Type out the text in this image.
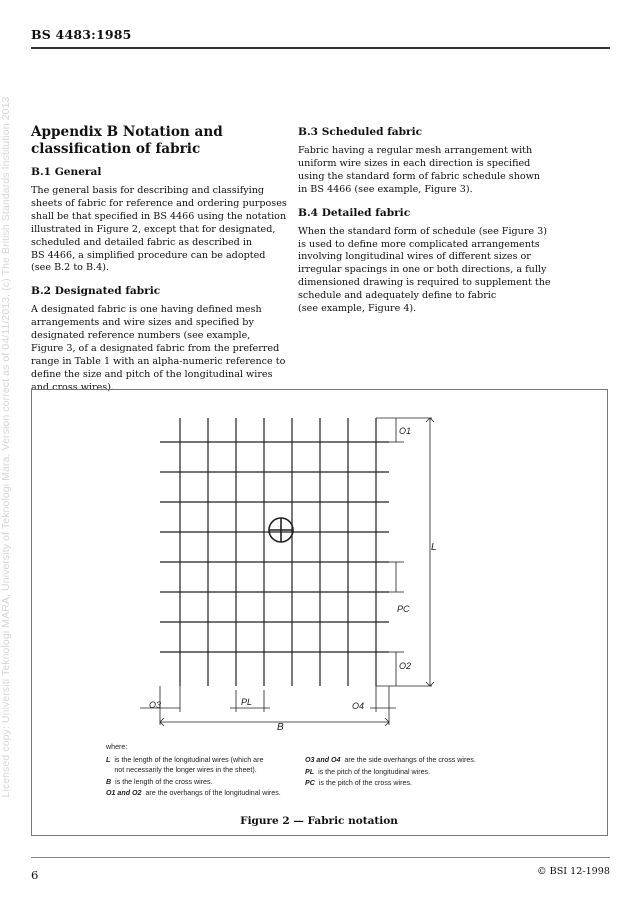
Licensed copy: Universiti Teknologi MARA, University of Teknologi Mara, Version correct as of 04/11/2013, (c) The British Standards Institution 2013
BS 4483:1985
Appendix B Notation and
classification of fabric
B.1 General
The general basis for describing and classifying
sheets of fabric for reference and ordering purposes
shall be that specified in BS 4466 using the notation
illustrated in Figure 2, except that for designated,
scheduled and detailed fabric as described in
BS 4466, a simplified procedure can be adopted
(see B.2 to B.4).
B.2 Designated fabric
A designated fabric is one having defined mesh
arrangements and wire sizes and specified by
designated reference numbers (see example,
Figure 3, of a designated fabric from the preferred
range in Table 1 with an alpha-numeric reference to
define the size and pitch of the longitudinal wires
and cross wires).
B.3 Scheduled fabric
Fabric having a regular mesh arrangement with
uniform wire sizes in each direction is specified
using the standard form of fabric schedule shown
in BS 4466 (see example, Figure 3).
B.4 Detailed fabric
When the standard form of schedule (see Figure 3)
is used to define more complicated arrangements
involving longitudinal wires of different sizes or
irregular spacings in one or both directions, a fully
dimensioned drawing is required to supplement the
schedule and adequately define to fabric
(see example, Figure 4).
O1
O2
O3	O4
L
B
PL
PC
where:
L is the length of the longitudinal wires (which are
not necessarily the longer wires in the sheet).
B is the length of the cross wires.
O1 and O2 are the overhangs of the longitudinal wires.
O3 and O4 are the side overhangs of the cross wires.
PL is the pitch of the longitudinal wires.
PC is the pitch of the cross wires.
Figure 2 — Fabric notation
6	© BSI 12-1998
